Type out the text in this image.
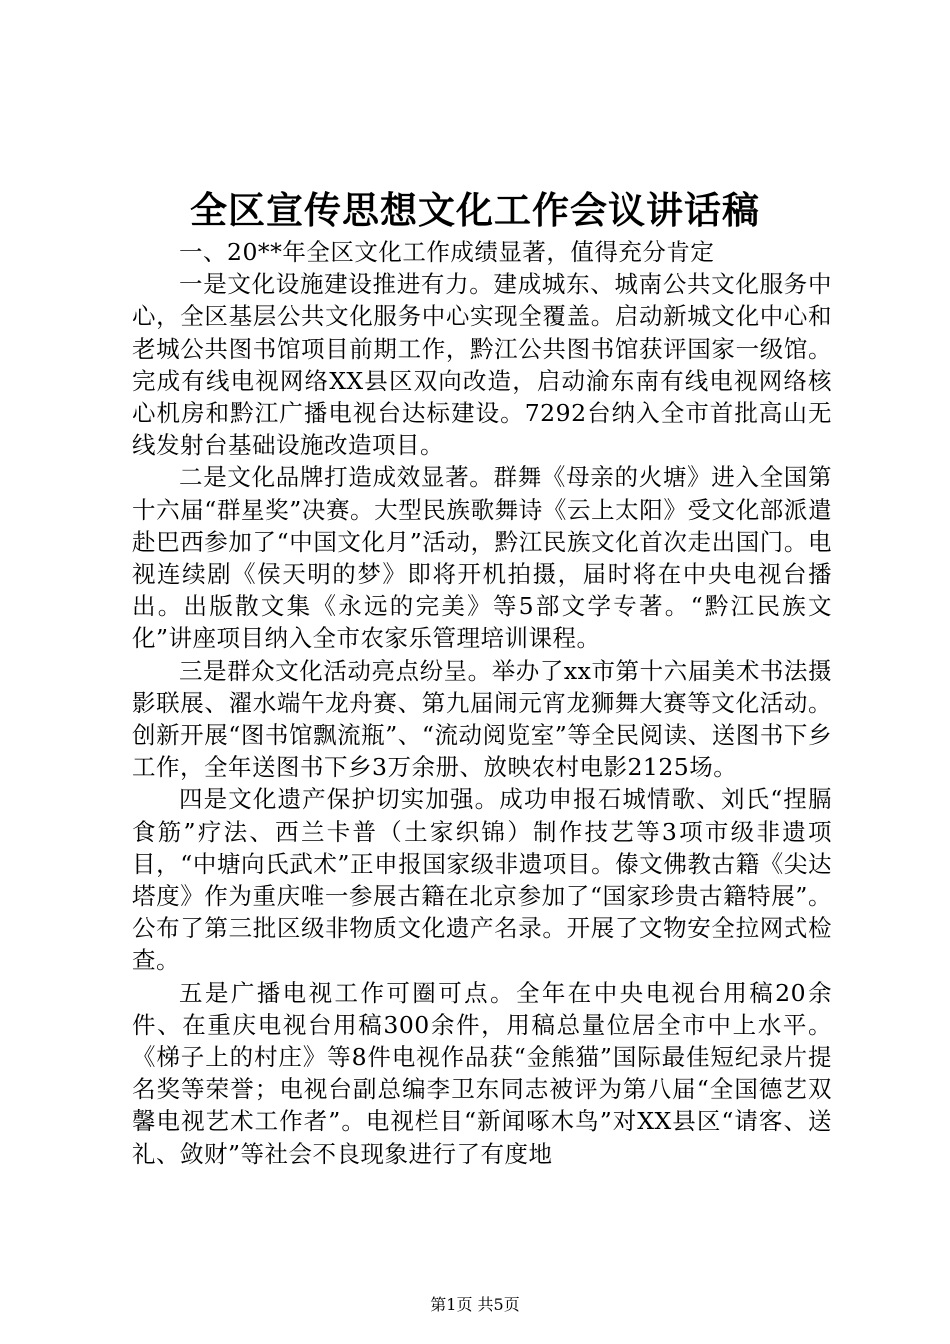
全区宣传思想文化工作会议讲话稿

一、20**年全区文化工作成绩显著，值得充分肯定

一是文化设施建设推进有力。建成城东、城南公共文化服务中心，全区基层公共文化服务中心实现全覆盖。启动新城文化中心和老城公共图书馆项目前期工作，黔江公共图书馆获评国家一级馆。完成有线电视网络XX县区双向改造，启动渝东南有线电视网络核心机房和黔江广播电视台达标建设。7292台纳入全市首批高山无线发射台基础设施改造项目。

二是文化品牌打造成效显著。群舞《母亲的火塘》进入全国第十六届“群星奖”决赛。大型民族歌舞诗《云上太阳》受文化部派遣赴巴西参加了“中国文化月”活动，黔江民族文化首次走出国门。电视连续剧《侯天明的梦》即将开机拍摄，届时将在中央电视台播出。出版散文集《永远的完美》等5部文学专著。“黔江民族文化”讲座项目纳入全市农家乐管理培训课程。

三是群众文化活动亮点纷呈。举办了xx市第十六届美术书法摄影联展、濯水端午龙舟赛、第九届闹元宵龙狮舞大赛等文化活动。创新开展“图书馆飘流瓶”、“流动阅览室”等全民阅读、送图书下乡工作，全年送图书下乡3万余册、放映农村电影2125场。

四是文化遗产保护切实加强。成功申报石城情歌、刘氏“捏膈食筋”疗法、西兰卡普（土家织锦）制作技艺等3项市级非遗项目，“中塘向氏武术”正申报国家级非遗项目。傣文佛教古籍《尖达塔度》作为重庆唯一参展古籍在北京参加了“国家珍贵古籍特展”。公布了第三批区级非物质文化遗产名录。开展了文物安全拉网式检查。

五是广播电视工作可圈可点。全年在中央电视台用稿20余件、在重庆电视台用稿300余件，用稿总量位居全市中上水平。《梯子上的村庄》等8件电视作品获“金熊猫”国际最佳短纪录片提名奖等荣誉；电视台副总编李卫东同志被评为第八届“全国德艺双馨电视艺术工作者”。电视栏目“新闻啄木鸟”对XX县区“请客、送礼、敛财”等社会不良现象进行了有度地

第1页 共5页
